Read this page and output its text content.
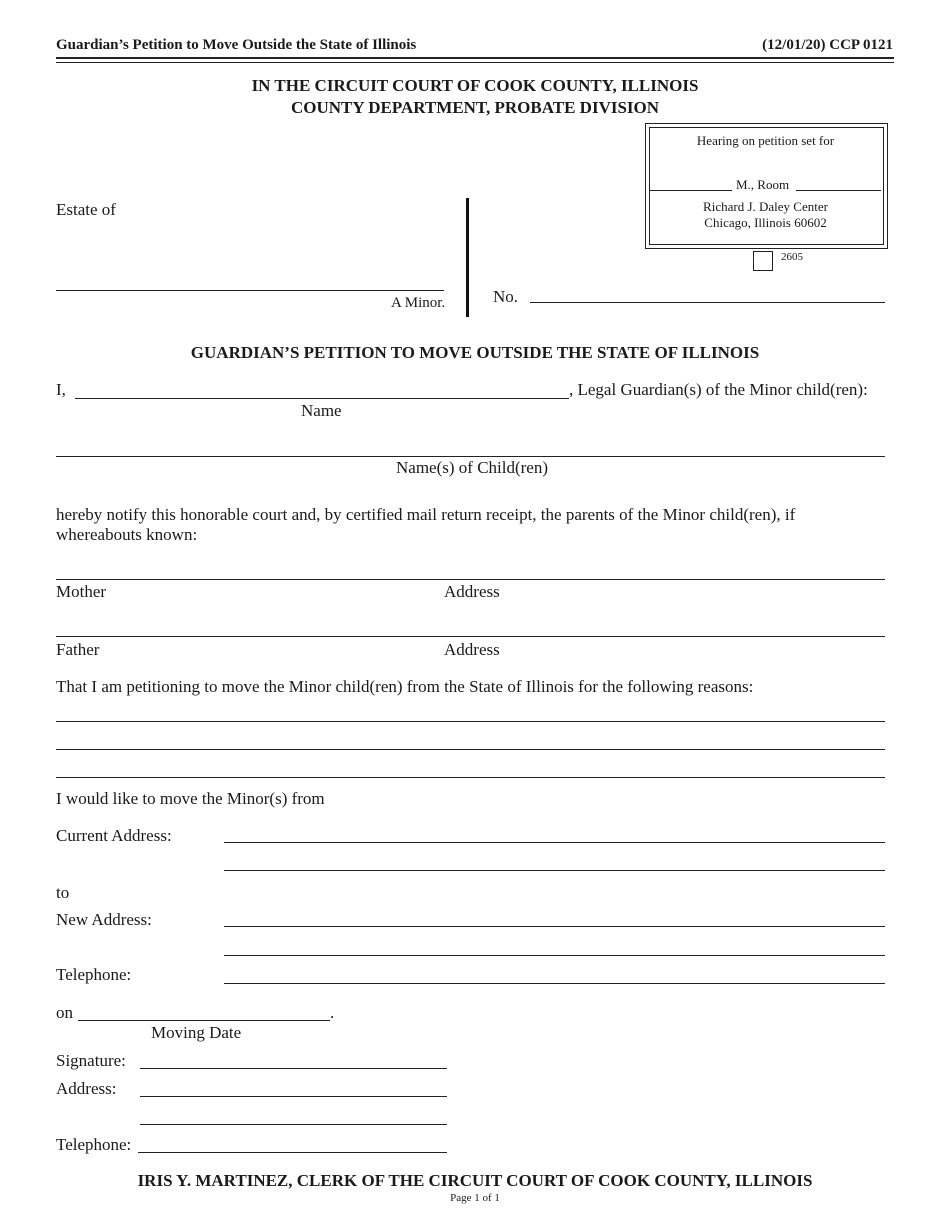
Guardian’s Petition to Move Outside the State of Illinois	(12/01/20) CCP 0121
IN THE CIRCUIT COURT OF COOK COUNTY, ILLINOIS
COUNTY DEPARTMENT, PROBATE DIVISION
Hearing on petition set for
M., Room
Richard J. Daley Center
Chicago, Illinois 60602
2605
Estate of
A Minor.	No.
GUARDIAN’S PETITION TO MOVE OUTSIDE THE STATE OF ILLINOIS
I,	, Legal Guardian(s) of the Minor child(ren):
Name
Name(s) of Child(ren)
hereby notify this honorable court and, by certified mail return receipt, the parents of the Minor child(ren), if whereabouts known:
Mother	Address
Father	Address
That I am petitioning to move the Minor child(ren) from the State of Illinois for the following reasons:
I would like to move the Minor(s) from
Current Address:
to
New Address:
Telephone:
on	.
Moving Date
Signature:
Address:
Telephone:
IRIS Y. MARTINEZ, CLERK OF THE CIRCUIT COURT OF COOK COUNTY, ILLINOIS
Page 1 of 1
